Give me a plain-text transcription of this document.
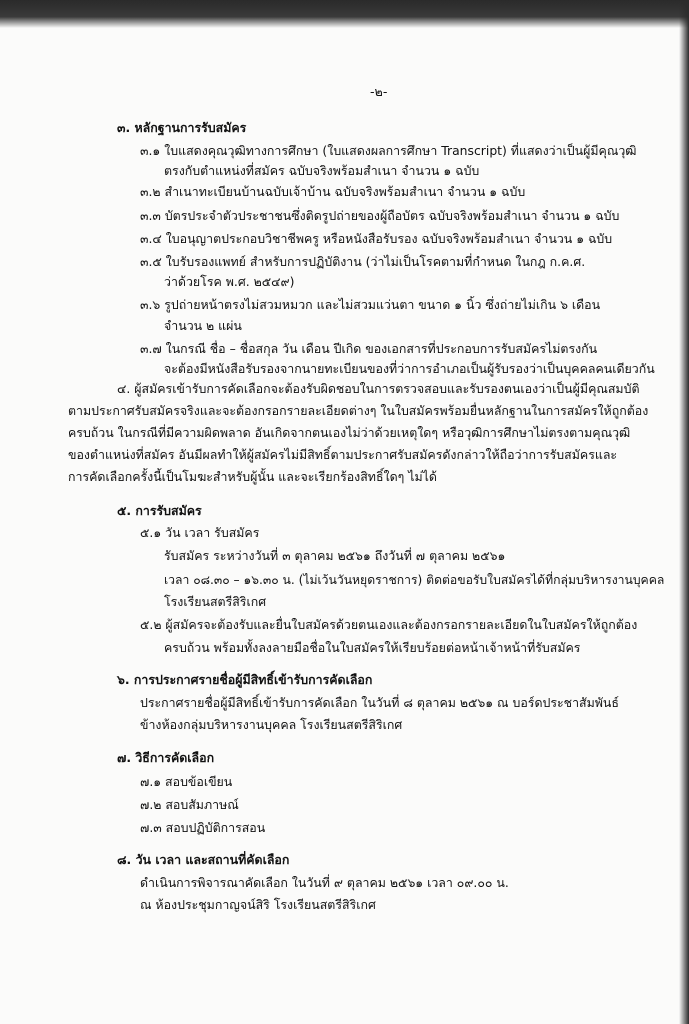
-๒-
๓. หลักฐานการรับสมัคร
๓.๑ ใบแสดงคุณวุฒิทางการศึกษา (ใบแสดงผลการศึกษา Transcript) ที่แสดงว่าเป็นผู้มีคุณวุฒิ
ตรงกับตำแหน่งที่สมัคร ฉบับจริงพร้อมสำเนา จำนวน ๑ ฉบับ
๓.๒ สำเนาทะเบียนบ้านฉบับเจ้าบ้าน ฉบับจริงพร้อมสำเนา จำนวน ๑ ฉบับ
๓.๓ บัตรประจำตัวประชาชนซึ่งติดรูปถ่ายของผู้ถือบัตร ฉบับจริงพร้อมสำเนา จำนวน ๑ ฉบับ
๓.๔ ใบอนุญาตประกอบวิชาชีพครู หรือหนังสือรับรอง ฉบับจริงพร้อมสำเนา จำนวน ๑ ฉบับ
๓.๕ ใบรับรองแพทย์ สำหรับการปฏิบัติงาน (ว่าไม่เป็นโรคตามที่กำหนด ในกฎ ก.ค.ศ.
ว่าด้วยโรค พ.ศ. ๒๕๔๙)
๓.๖ รูปถ่ายหน้าตรงไม่สวมหมวก และไม่สวมแว่นตา ขนาด ๑ นิ้ว ซึ่งถ่ายไม่เกิน ๖ เดือน
จำนวน ๒ แผ่น
๓.๗ ในกรณี ชื่อ – ชื่อสกุล วัน เดือน ปีเกิด ของเอกสารที่ประกอบการรับสมัครไม่ตรงกัน
จะต้องมีหนังสือรับรองจากนายทะเบียนของที่ว่าการอำเภอเป็นผู้รับรองว่าเป็นบุคคลคนเดียวกัน
๔. ผู้สมัครเข้ารับการคัดเลือกจะต้องรับผิดชอบในการตรวจสอบและรับรองตนเองว่าเป็นผู้มีคุณสมบัติ
ตามประกาศรับสมัครจริงและจะต้องกรอกรายละเอียดต่างๆ ในใบสมัครพร้อมยื่นหลักฐานในการสมัครให้ถูกต้อง
ครบถ้วน ในกรณีที่มีความผิดพลาด อันเกิดจากตนเองไม่ว่าด้วยเหตุใดๆ หรือวุฒิการศึกษาไม่ตรงตามคุณวุฒิ
ของตำแหน่งที่สมัคร อันมีผลทำให้ผู้สมัครไม่มีสิทธิ์ตามประกาศรับสมัครดังกล่าวให้ถือว่าการรับสมัครและ
การคัดเลือกครั้งนี้เป็นโมฆะสำหรับผู้นั้น และจะเรียกร้องสิทธิ์ใดๆ ไม่ได้
๕. การรับสมัคร
๕.๑ วัน เวลา รับสมัคร
รับสมัคร ระหว่างวันที่ ๓ ตุลาคม ๒๕๖๑ ถึงวันที่ ๗ ตุลาคม ๒๕๖๑
เวลา ๐๘.๓๐ – ๑๖.๓๐ น. (ไม่เว้นวันหยุดราชการ) ติดต่อขอรับใบสมัครได้ที่กลุ่มบริหารงานบุคคล
โรงเรียนสตรีสิริเกศ
๕.๒ ผู้สมัครจะต้องรับและยื่นใบสมัครด้วยตนเองและต้องกรอกรายละเอียดในใบสมัครให้ถูกต้อง
ครบถ้วน พร้อมทั้งลงลายมือชื่อในใบสมัครให้เรียบร้อยต่อหน้าเจ้าหน้าที่รับสมัคร
๖. การประกาศรายชื่อผู้มีสิทธิ์เข้ารับการคัดเลือก
ประกาศรายชื่อผู้มีสิทธิ์เข้ารับการคัดเลือก ในวันที่ ๘ ตุลาคม ๒๕๖๑ ณ บอร์ดประชาสัมพันธ์
ข้างห้องกลุ่มบริหารงานบุคคล โรงเรียนสตรีสิริเกศ
๗. วิธีการคัดเลือก
๗.๑ สอบข้อเขียน
๗.๒ สอบสัมภาษณ์
๗.๓ สอบปฏิบัติการสอน
๘. วัน เวลา และสถานที่คัดเลือก
ดำเนินการพิจารณาคัดเลือก ในวันที่ ๙ ตุลาคม ๒๕๖๑ เวลา ๐๙.๐๐ น.
ณ ห้องประชุมกาญจน์สิริ โรงเรียนสตรีสิริเกศ
